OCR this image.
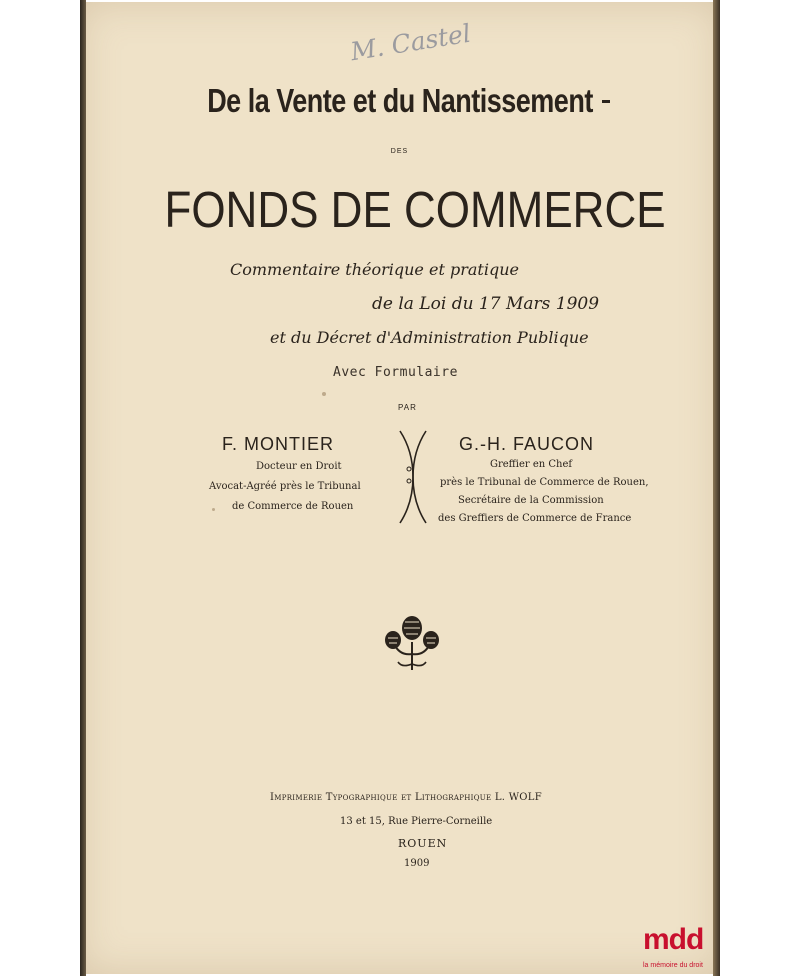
M. Castel
De la Vente et du Nantissement
DES
FONDS DE COMMERCE
Commentaire théorique et pratique
de la Loi du 17 Mars 1909
et du Décret d'Administration Publique
Avec Formulaire
PAR
F. MONTIER
Docteur en Droit
Avocat-Agréé près le Tribunal
de Commerce de Rouen
G.-H. FAUCON
Greffier en Chef
près le Tribunal de Commerce de Rouen,
Secrétaire de la Commission
des Greffiers de Commerce de France
Imprimerie Typographique et Lithographique L. WOLF
13 et 15, Rue Pierre-Corneille
ROUEN
1909
mdd
la mémoire du droit
